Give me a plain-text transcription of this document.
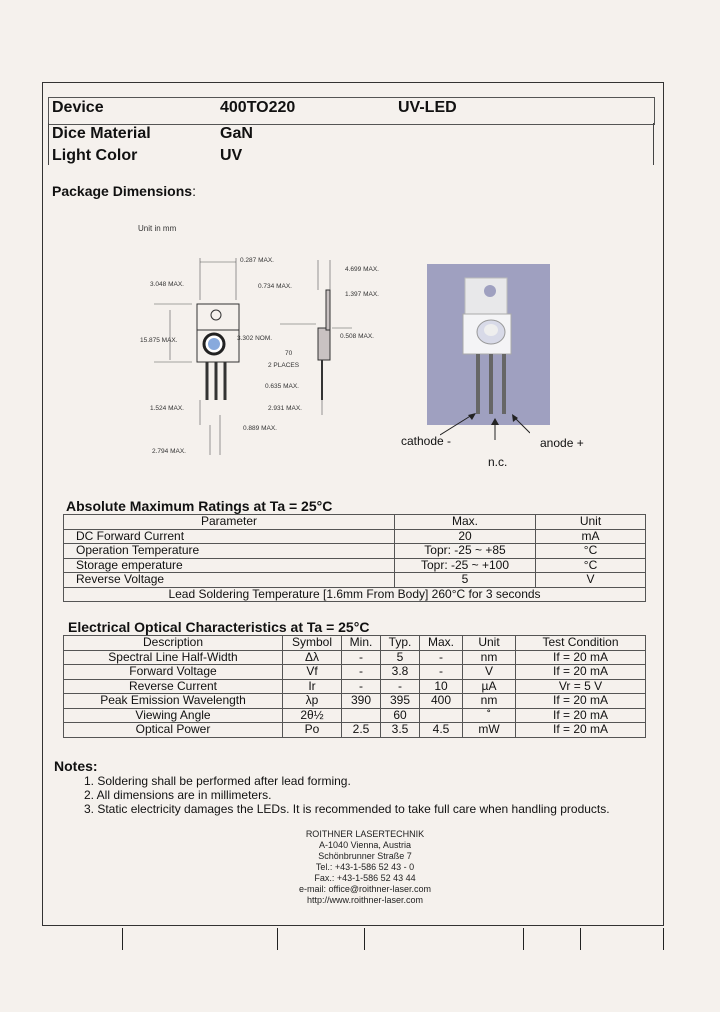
Device	400TO220	UV-LED
Dice Material	GaN
Light Color	UV
Package Dimensions:
Unit in mm
0.287 MAX.
3.048 MAX.	0.734 MAX.
15.875 MAX.	3.302 NOM.
70
2 PLACES
0.635 MAX.
1.524 MAX.	2.931 MAX.
0.889 MAX.
2.794 MAX.
4.699 MAX.
1.397 MAX.
0.508 MAX.
cathode -	anode +
n.c.
Absolute Maximum Ratings at Ta = 25°C
Parameter	Max.	Unit
DC Forward Current	20	mA
Operation Temperature	Topr: -25 ~ +85	°C
Storage emperature	Topr: -25 ~ +100	°C
Reverse Voltage	5	V
Lead Soldering Temperature [1.6mm From Body] 260°C for 3 seconds		
Electrical Optical Characteristics at Ta = 25°C
Description	Symbol	Min.	Typ.	Max.	Unit	Test Condition
Spectral Line Half-Width	Δλ	-	5	-	nm	If = 20 mA
Forward Voltage	Vf	-	3.8	-	V	If = 20 mA
Reverse Current	Ir	-	-	10	µA	Vr = 5 V
Peak Emission Wavelength	λp	390	395	400	nm	If = 20 mA
Viewing Angle	2θ½		60		˚	If = 20 mA
Optical Power	Po	2.5	3.5	4.5	mW	If = 20 mA
Notes:
1. Soldering shall be performed after lead forming.
2. All dimensions are in millimeters.
3. Static electricity damages the LEDs. It is recommended to take full care when handling products.
ROITHNER LASERTECHNIK
A-1040 Vienna, Austria
Schönbrunner Straße 7
Tel.: +43-1-586 52 43 - 0
Fax.: +43-1-586 52 43 44
e-mail: office@roithner-laser.com
http://www.roithner-laser.com
